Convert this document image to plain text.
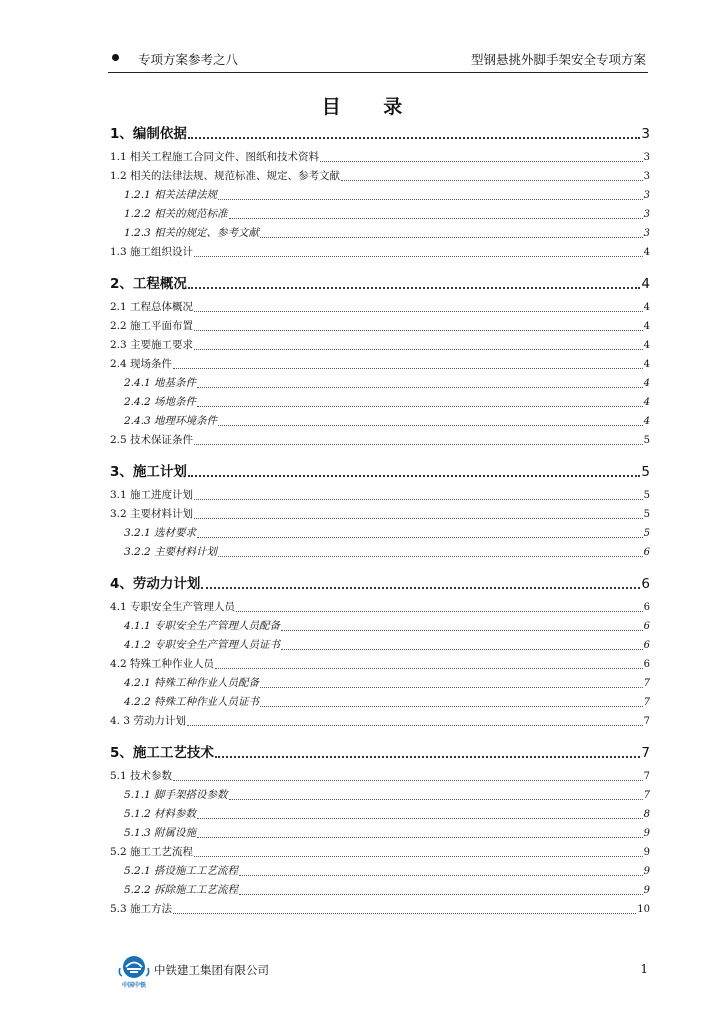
专项方案参考之八	型钢悬挑外脚手架安全专项方案
目 录
1、编制依据	3
1.1 相关工程施工合同文件、图纸和技术资料	3
1.2 相关的法律法规、规范标准、规定、参考文献	3
1.2.1 相关法律法规	3
1.2.2 相关的规范标准	3
1.2.3 相关的规定、参考文献	3
1.3 施工组织设计	4
2、工程概况	4
2.1 工程总体概况	4
2.2 施工平面布置	4
2.3 主要施工要求	4
2.4 现场条件	4
2.4.1 地基条件	4
2.4.2 场地条件	4
2.4.3 地理环境条件	4
2.5 技术保证条件	5
3、施工计划	5
3.1 施工进度计划	5
3.2 主要材料计划	5
3.2.1 选材要求	5
3.2.2 主要材料计划	6
4、劳动力计划	6
4.1 专职安全生产管理人员	6
4.1.1 专职安全生产管理人员配备	6
4.1.2 专职安全生产管理人员证书	6
4.2 特殊工种作业人员	6
4.2.1 特殊工种作业人员配备	7
4.2.2 特殊工种作业人员证书	7
4. 3 劳动力计划	7
5、施工工艺技术	7
5.1 技术参数	7
5.1.1 脚手架搭设参数	7
5.1.2 材料参数	8
5.1.3 附属设施	9
5.2 施工工艺流程	9
5.2.1 搭设施工工艺流程	9
5.2.2 拆除施工工艺流程	9
5.3 施工方法	10
中国中铁
中铁建工集团有限公司	1
